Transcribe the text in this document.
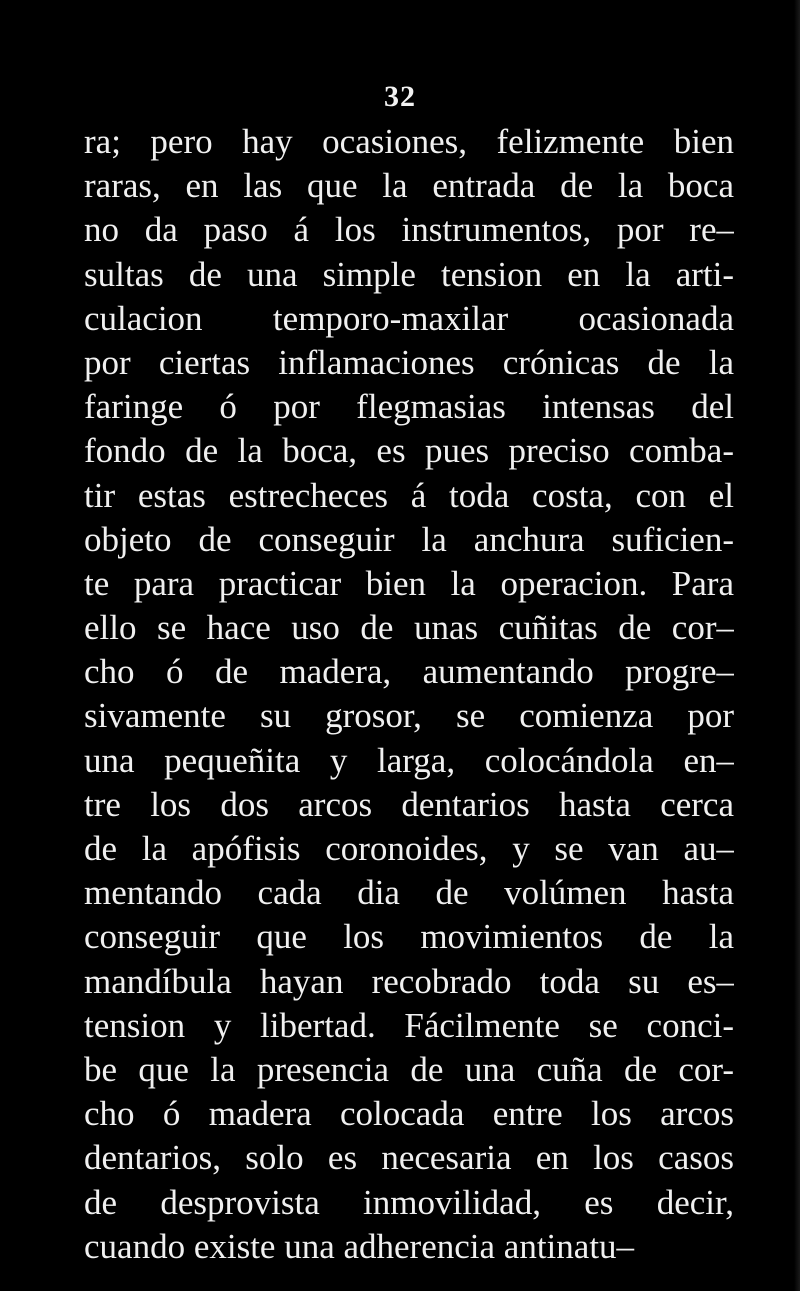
32
ra; pero hay ocasiones, felizmente bien
raras, en las que la entrada de la boca
no da paso á los instrumentos, por re–
sultas de una simple tension en la arti-
culacion temporo-maxilar ocasionada
por ciertas inflamaciones crónicas de la
faringe ó por flegmasias intensas del
fondo de la boca, es pues preciso comba-
tir estas estrecheces á toda costa, con el
objeto de conseguir la anchura suficien-
te para practicar bien la operacion. Para
ello se hace uso de unas cuñitas de cor–
cho ó de madera, aumentando progre–
sivamente su grosor, se comienza por
una pequeñita y larga, colocándola en–
tre los dos arcos dentarios hasta cerca
de la apófisis coronoides, y se van au–
mentando cada dia de volúmen hasta
conseguir que los movimientos de la
mandíbula hayan recobrado toda su es–
tension y libertad. Fácilmente se conci-
be que la presencia de una cuña de cor-
cho ó madera colocada entre los arcos
dentarios, solo es necesaria en los casos
de desprovista inmovilidad, es decir,
cuando existe una adherencia antinatu–
